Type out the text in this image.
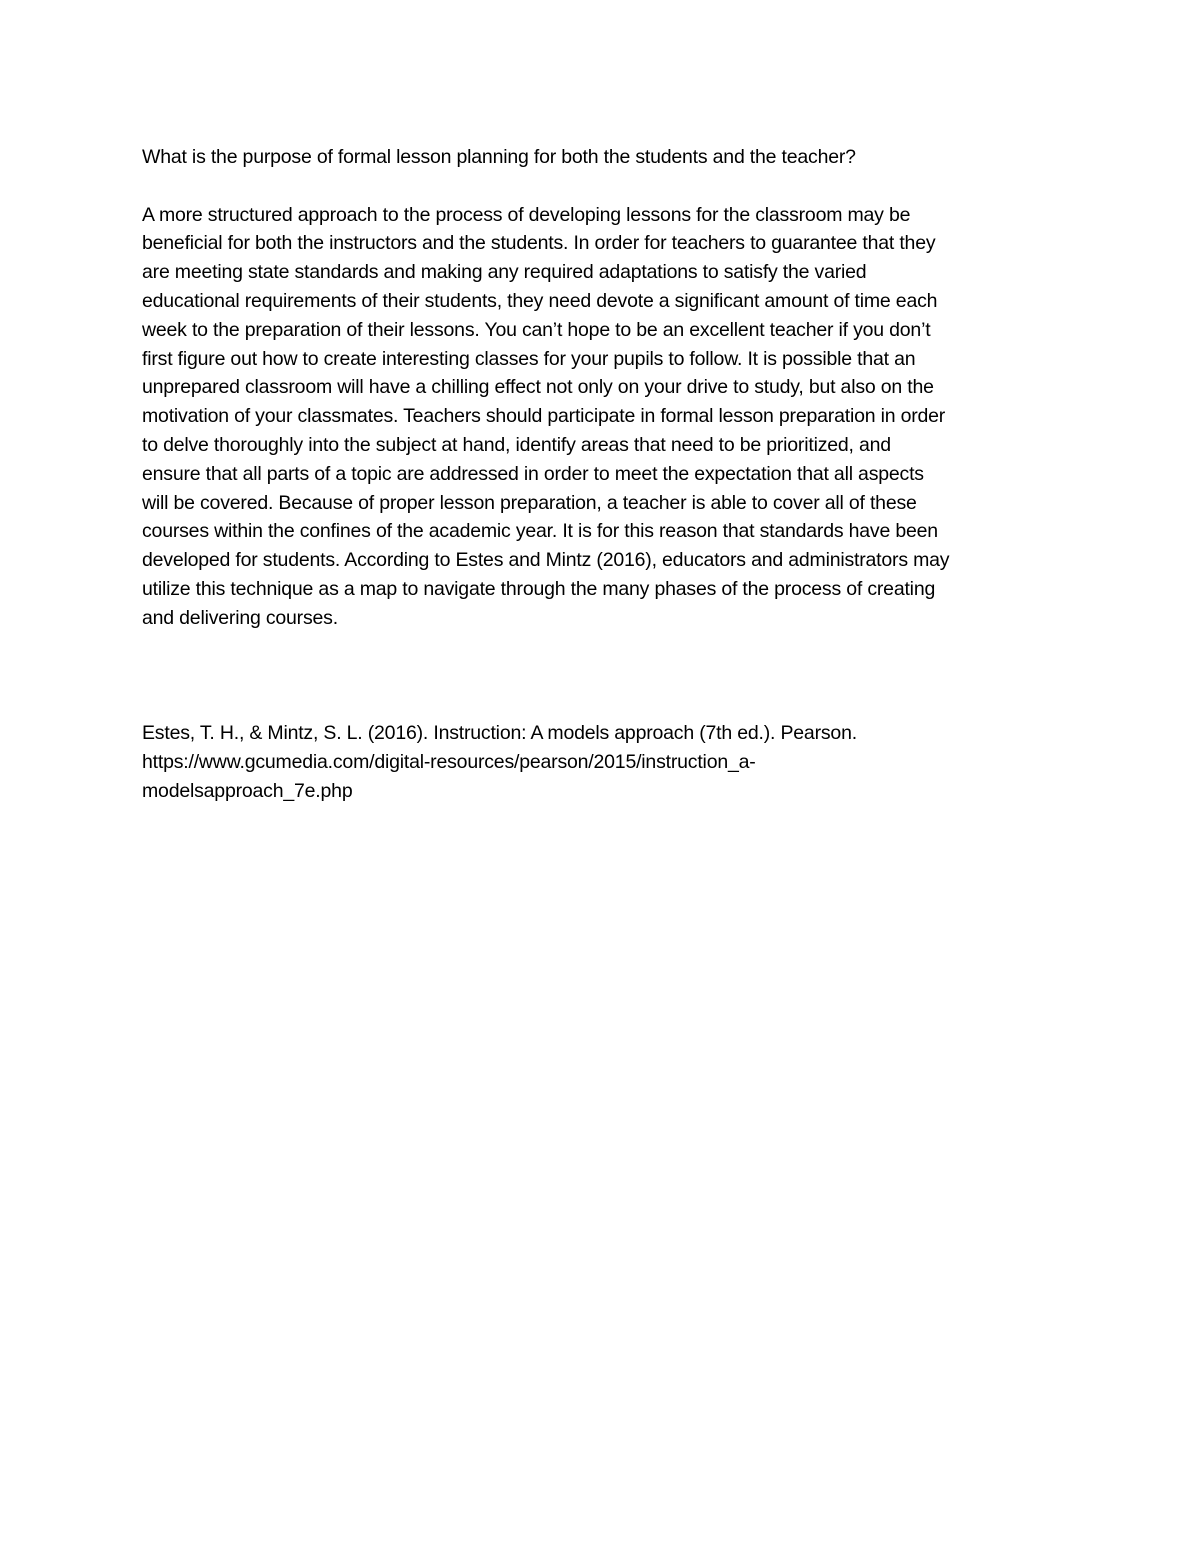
What is the purpose of formal lesson planning for both the students and the teacher?

A more structured approach to the process of developing lessons for the classroom may be
beneficial for both the instructors and the students. In order for teachers to guarantee that they
are meeting state standards and making any required adaptations to satisfy the varied
educational requirements of their students, they need devote a significant amount of time each
week to the preparation of their lessons. You can’t hope to be an excellent teacher if you don’t
first figure out how to create interesting classes for your pupils to follow. It is possible that an
unprepared classroom will have a chilling effect not only on your drive to study, but also on the
motivation of your classmates. Teachers should participate in formal lesson preparation in order
to delve thoroughly into the subject at hand, identify areas that need to be prioritized, and
ensure that all parts of a topic are addressed in order to meet the expectation that all aspects
will be covered. Because of proper lesson preparation, a teacher is able to cover all of these
courses within the confines of the academic year. It is for this reason that standards have been
developed for students. According to Estes and Mintz (2016), educators and administrators may
utilize this technique as a map to navigate through the many phases of the process of creating
and delivering courses.
Estes, T. H., & Mintz, S. L. (2016). Instruction: A models approach (7th ed.). Pearson.
https://www.gcumedia.com/digital-resources/pearson/2015/instruction_a-
modelsapproach_7e.php
